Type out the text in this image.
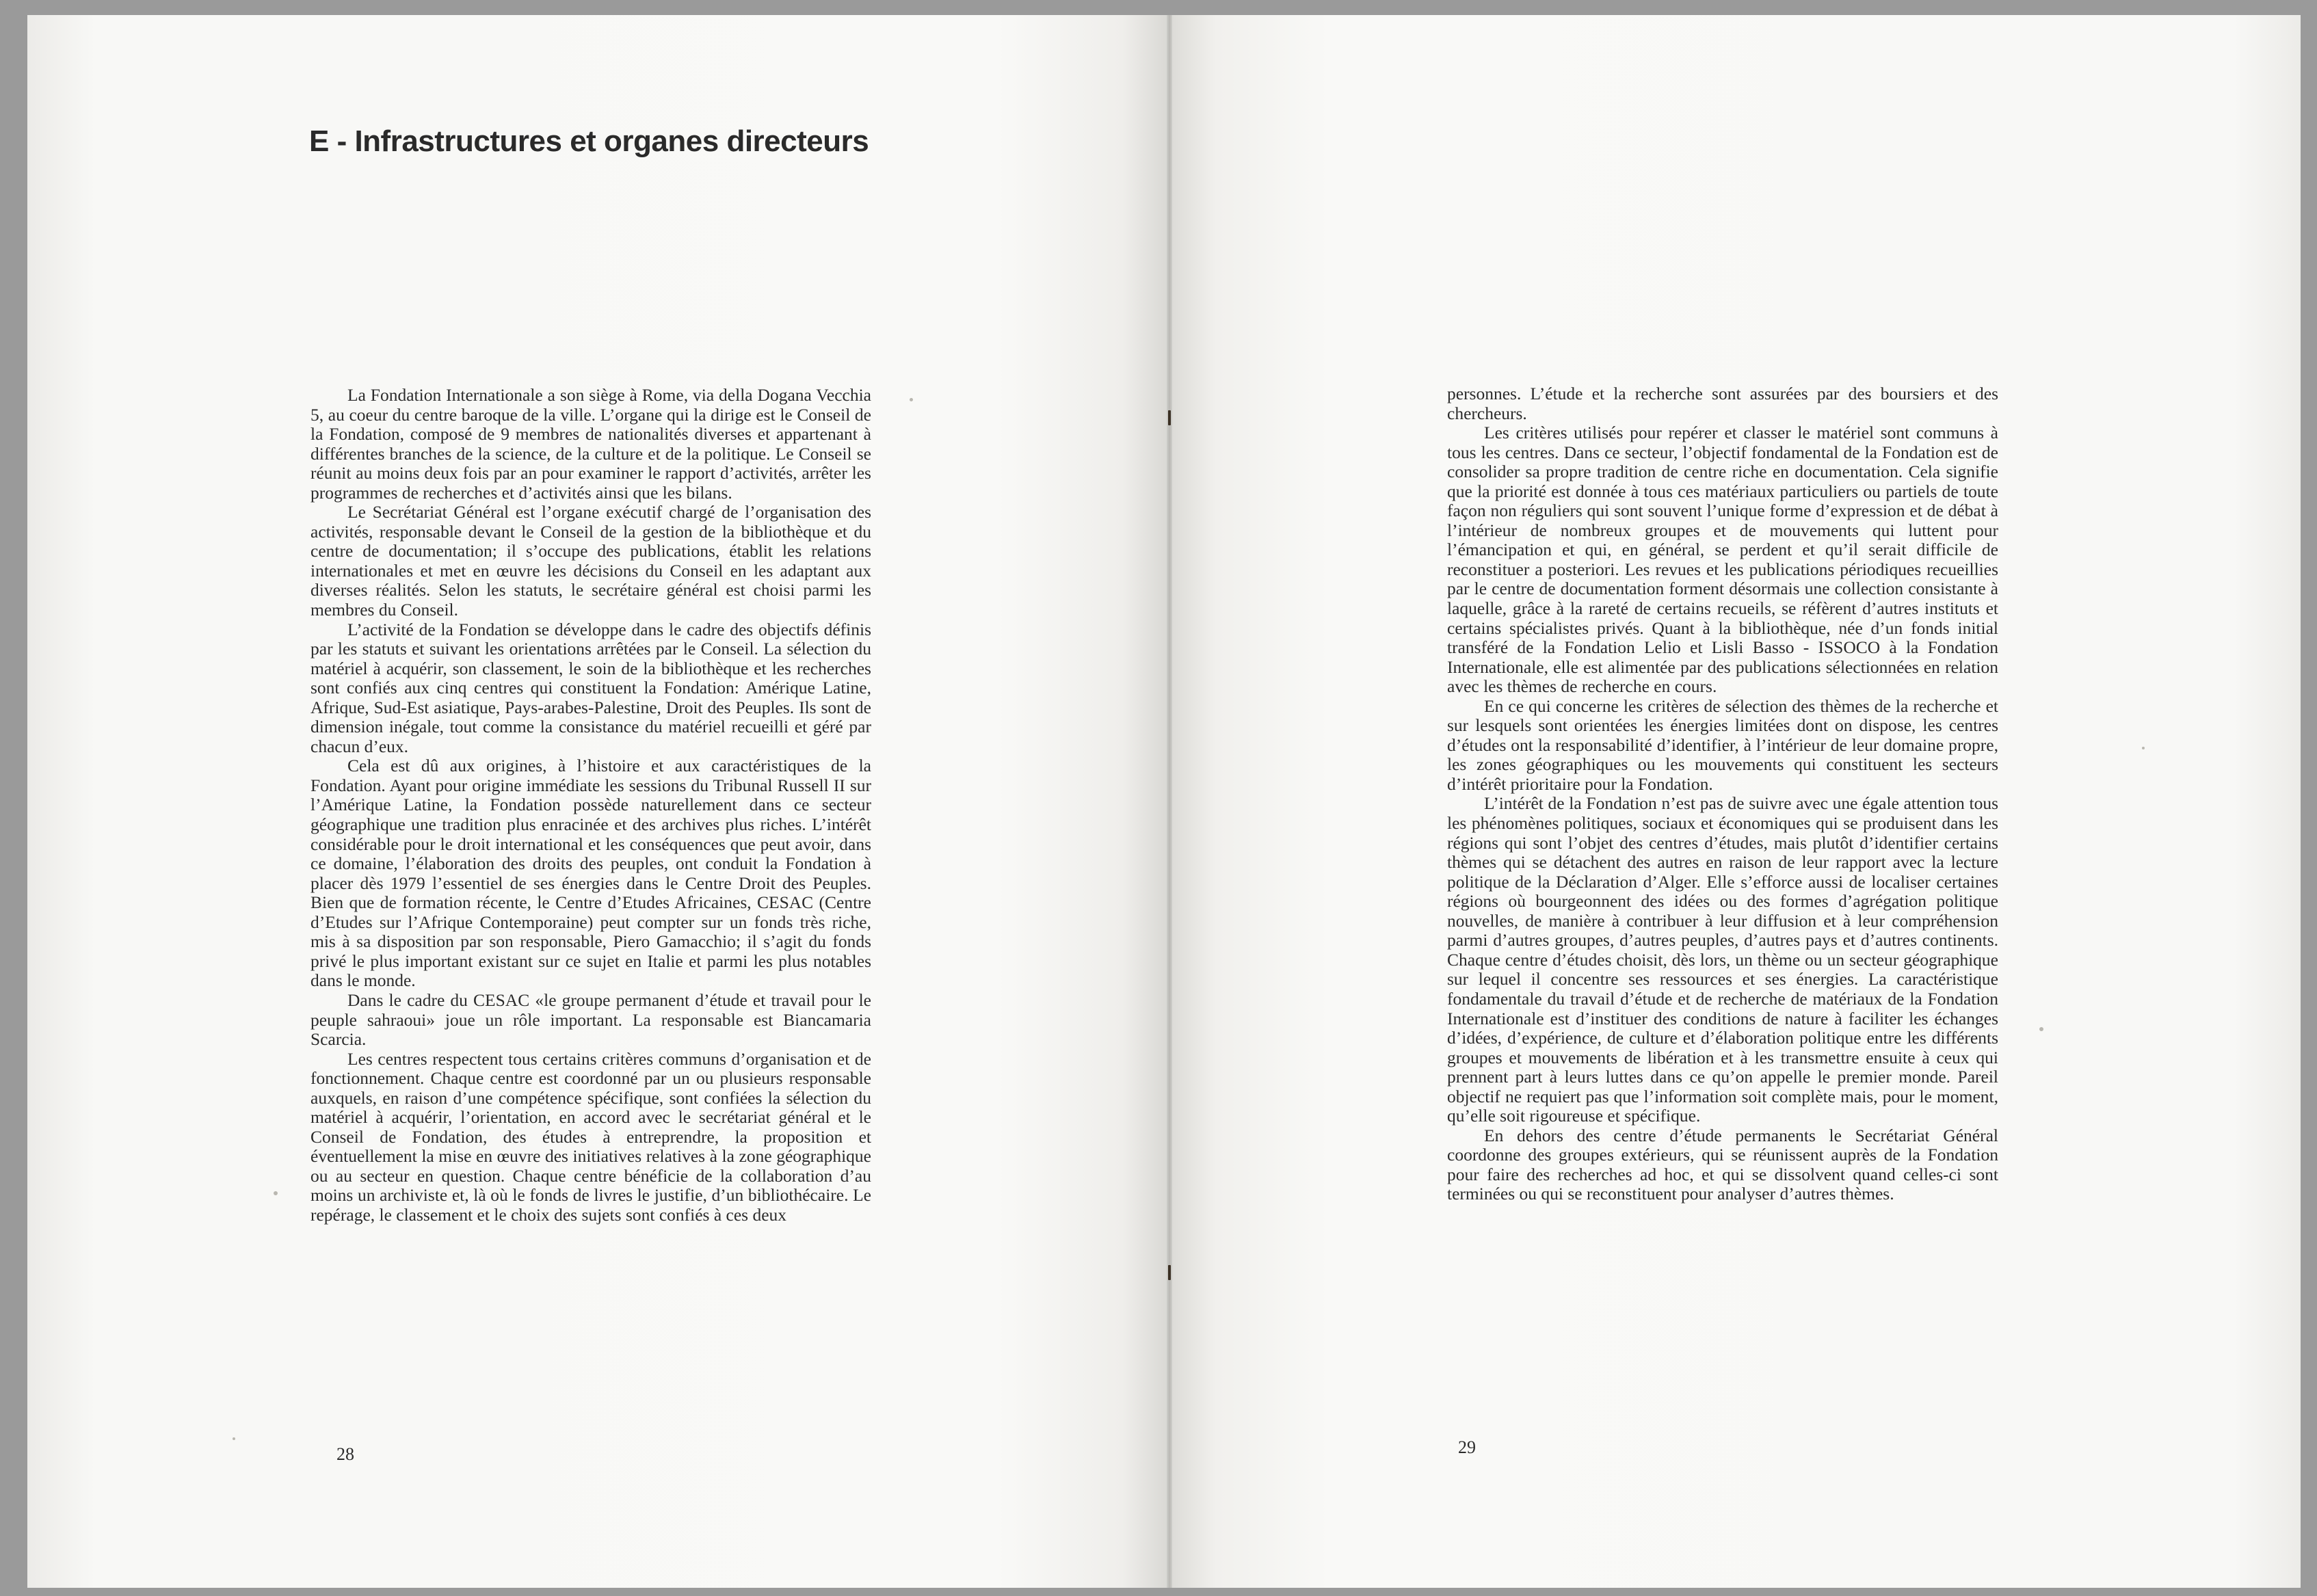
E - Infrastructures et organes directeurs

La Fondation Internationale a son siège à Rome, via della Dogana Vecchia 5, au coeur du centre baroque de la ville. L’organe qui la dirige est le Conseil de la Fondation, composé de 9 membres de nationalités diverses et appartenant à différentes branches de la science, de la culture et de la politique. Le Conseil se réunit au moins deux fois par an pour examiner le rapport d’activités, arrêter les programmes de recherches et d’activités ainsi que les bilans.

Le Secrétariat Général est l’organe exécutif chargé de l’organisation des activités, responsable devant le Conseil de la gestion de la bibliothèque et du centre de documentation; il s’occupe des publications, établit les relations internationales et met en œuvre les décisions du Conseil en les adaptant aux diverses réalités. Selon les statuts, le secrétaire général est choisi parmi les membres du Conseil.

L’activité de la Fondation se développe dans le cadre des objectifs définis par les statuts et suivant les orientations arrêtées par le Conseil. La sélection du matériel à acquérir, son classement, le soin de la bibliothèque et les recherches sont confiés aux cinq centres qui constituent la Fondation: Amérique Latine, Afrique, Sud-Est asiatique, Pays-arabes-Palestine, Droit des Peuples. Ils sont de dimension inégale, tout comme la consistance du matériel recueilli et géré par chacun d’eux.

Cela est dû aux origines, à l’histoire et aux caractéristiques de la Fondation. Ayant pour origine immédiate les sessions du Tribunal Russell II sur l’Amérique Latine, la Fondation possède naturellement dans ce secteur géographique une tradition plus enracinée et des archives plus riches. L’intérêt considérable pour le droit international et les conséquences que peut avoir, dans ce domaine, l’élaboration des droits des peuples, ont conduit la Fondation à placer dès 1979 l’essentiel de ses énergies dans le Centre Droit des Peuples. Bien que de formation récente, le Centre d’Etudes Africaines, CESAC (Centre d’Etudes sur l’Afrique Contemporaine) peut compter sur un fonds très riche, mis à sa disposition par son responsable, Piero Gamacchio; il s’agit du fonds privé le plus important existant sur ce sujet en Italie et parmi les plus notables dans le monde.

Dans le cadre du CESAC «le groupe permanent d’étude et travail pour le peuple sahraoui» joue un rôle important. La responsable est Biancamaria Scarcia.

Les centres respectent tous certains critères communs d’organisation et de fonctionnement. Chaque centre est coordonné par un ou plusieurs responsable auxquels, en raison d’une compétence spécifique, sont confiées la sélection du matériel à acquérir, l’orientation, en accord avec le secrétariat général et le Conseil de Fondation, des études à entreprendre, la proposition et éventuellement la mise en œuvre des initiatives relatives à la zone géographique ou au secteur en question. Chaque centre bénéficie de la collaboration d’au moins un archiviste et, là où le fonds de livres le justifie, d’un bibliothécaire. Le repérage, le classement et le choix des sujets sont confiés à ces deux

28

personnes. L’étude et la recherche sont assurées par des boursiers et des chercheurs.

Les critères utilisés pour repérer et classer le matériel sont communs à tous les centres. Dans ce secteur, l’objectif fondamental de la Fondation est de consolider sa propre tradition de centre riche en documentation. Cela signifie que la priorité est donnée à tous ces matériaux particuliers ou partiels de toute façon non réguliers qui sont souvent l’unique forme d’expression et de débat à l’intérieur de nombreux groupes et de mouvements qui luttent pour l’émancipation et qui, en général, se perdent et qu’il serait difficile de reconstituer a posteriori. Les revues et les publications périodiques recueillies par le centre de documentation forment désormais une collection consistante à laquelle, grâce à la rareté de certains recueils, se réfèrent d’autres instituts et certains spécialistes privés. Quant à la bibliothèque, née d’un fonds initial transféré de la Fondation Lelio et Lisli Basso - ISSOCO à la Fondation Internationale, elle est alimentée par des publications sélectionnées en relation avec les thèmes de recherche en cours.

En ce qui concerne les critères de sélection des thèmes de la recherche et sur lesquels sont orientées les énergies limitées dont on dispose, les centres d’études ont la responsabilité d’identifier, à l’intérieur de leur domaine propre, les zones géographiques ou les mouvements qui constituent les secteurs d’intérêt prioritaire pour la Fondation.

L’intérêt de la Fondation n’est pas de suivre avec une égale attention tous les phénomènes politiques, sociaux et économiques qui se produisent dans les régions qui sont l’objet des centres d’études, mais plutôt d’identifier certains thèmes qui se détachent des autres en raison de leur rapport avec la lecture politique de la Déclaration d’Alger. Elle s’efforce aussi de localiser certaines régions où bourgeonnent des idées ou des formes d’agrégation politique nouvelles, de manière à contribuer à leur diffusion et à leur compréhension parmi d’autres groupes, d’autres peuples, d’autres pays et d’autres continents. Chaque centre d’études choisit, dès lors, un thème ou un secteur géographique sur lequel il concentre ses ressources et ses énergies. La caractéristique fondamentale du travail d’étude et de recherche de matériaux de la Fondation Internationale est d’instituer des conditions de nature à faciliter les échanges d’idées, d’expérience, de culture et d’élaboration politique entre les différents groupes et mouvements de libération et à les transmettre ensuite à ceux qui prennent part à leurs luttes dans ce qu’on appelle le premier monde. Pareil objectif ne requiert pas que l’information soit complète mais, pour le moment, qu’elle soit rigoureuse et spécifique.

En dehors des centre d’étude permanents le Secrétariat Général coordonne des groupes extérieurs, qui se réunissent auprès de la Fondation pour faire des recherches ad hoc, et qui se dissolvent quand celles-ci sont terminées ou qui se reconstituent pour analyser d’autres thèmes.

29
